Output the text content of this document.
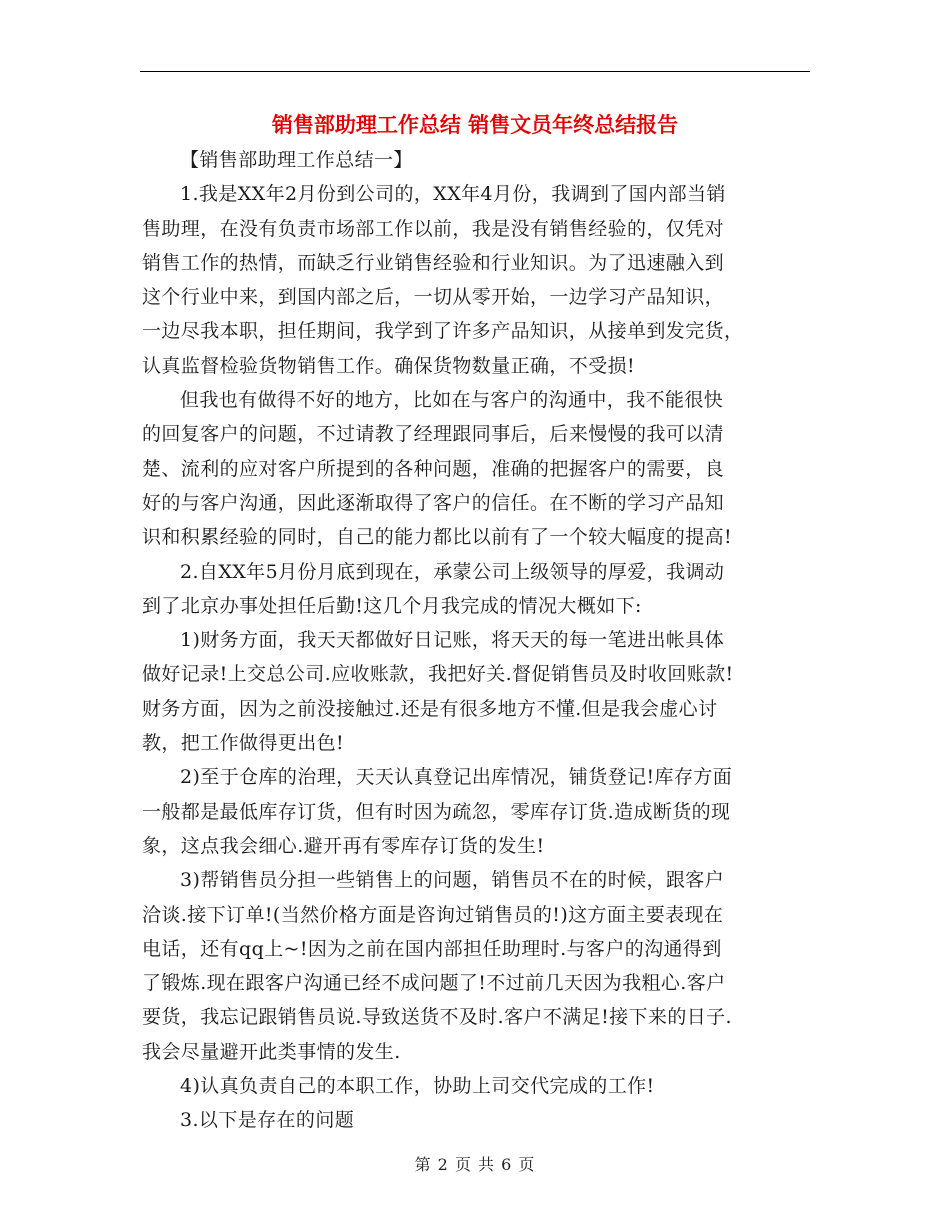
销售部助理工作总结 销售文员年终总结报告
【销售部助理工作总结一】
1.我是XX年2月份到公司的，XX年4月份，我调到了国内部当销
售助理，在没有负责市场部工作以前，我是没有销售经验的，仅凭对
销售工作的热情，而缺乏行业销售经验和行业知识。为了迅速融入到
这个行业中来，到国内部之后，一切从零开始，一边学习产品知识，
一边尽我本职，担任期间，我学到了许多产品知识，从接单到发完货，
认真监督检验货物销售工作。确保货物数量正确，不受损!
但我也有做得不好的地方，比如在与客户的沟通中，我不能很快
的回复客户的问题，不过请教了经理跟同事后，后来慢慢的我可以清
楚、流利的应对客户所提到的各种问题，准确的把握客户的需要，良
好的与客户沟通，因此逐渐取得了客户的信任。在不断的学习产品知
识和积累经验的同时，自己的能力都比以前有了一个较大幅度的提高!
2.自XX年5月份月底到现在，承蒙公司上级领导的厚爱，我调动
到了北京办事处担任后勤!这几个月我完成的情况大概如下:
1)财务方面，我天天都做好日记账，将天天的每一笔进出帐具体
做好记录!上交总公司.应收账款，我把好关.督促销售员及时收回账款!
财务方面，因为之前没接触过.还是有很多地方不懂.但是我会虚心讨
教，把工作做得更出色!
2)至于仓库的治理，天天认真登记出库情况，铺货登记!库存方面
一般都是最低库存订货，但有时因为疏忽，零库存订货.造成断货的现
象，这点我会细心.避开再有零库存订货的发生!
3)帮销售员分担一些销售上的问题，销售员不在的时候，跟客户
洽谈.接下订单!(当然价格方面是咨询过销售员的!)这方面主要表现在
电话，还有qq上~!因为之前在国内部担任助理时.与客户的沟通得到
了锻炼.现在跟客户沟通已经不成问题了!不过前几天因为我粗心.客户
要货，我忘记跟销售员说.导致送货不及时.客户不满足!接下来的日子.
我会尽量避开此类事情的发生.
4)认真负责自己的本职工作，协助上司交代完成的工作!
3.以下是存在的问题
第 2 页 共 6 页
